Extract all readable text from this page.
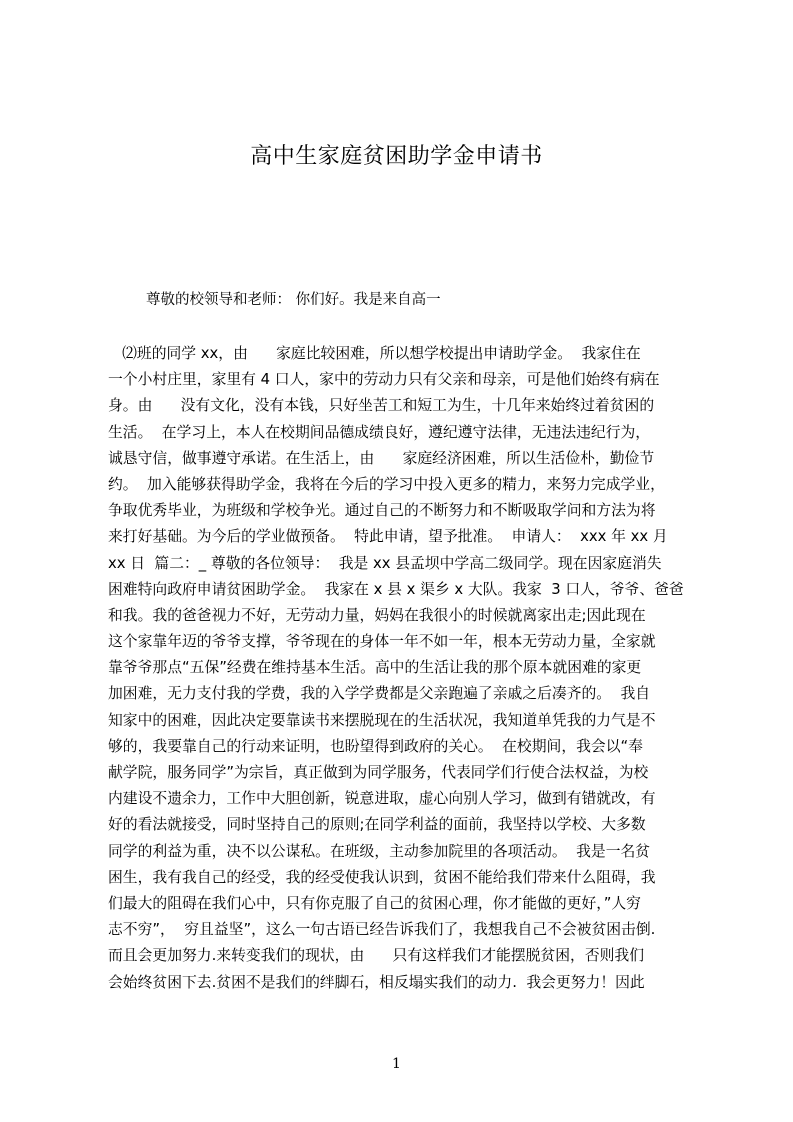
高中生家庭贫困助学金申请书
尊敬的校领导和老师： 你们好。我是来自高一
⑵班的同学 xx，由      家庭比较困难，所以想学校提出申请助学金。  我家住在
一个小村庄里，家里有 4 口人，家中的劳动力只有父亲和母亲，可是他们始终有病在
身。由      没有文化，没有本钱，只好坐苦工和短工为生，十几年来始终过着贫困的
生活。  在学习上，本人在校期间品德成绩良好，遵纪遵守法律，无违法违纪行为，
诚恳守信，做事遵守承诺。在生活上，由      家庭经济困难，所以生活俭朴，勤俭节
约。  加入能够获得助学金，我将在今后的学习中投入更多的精力，来努力完成学业，
争取优秀毕业，为班级和学校争光。通过自己的不断努力和不断吸取学问和方法为将
来打好基础。为今后的学业做预备。  特此申请，望予批准。  申请人：  xxx 年 xx 月
xx 日  篇二：_ 尊敬的各位领导：  我是 xx 县孟坝中学高二级同学。现在因家庭消失
困难特向政府申请贫困助学金。  我家在 x 县 x 渠乡 x 大队。我家  3 口人，爷爷、爸爸
和我。我的爸爸视力不好，无劳动力量，妈妈在我很小的时候就离家出走;因此现在
这个家靠年迈的爷爷支撑，爷爷现在的身体一年不如一年，根本无劳动力量，全家就
靠爷爷那点“五保”经费在维持基本生活。高中的生活让我的那个原本就困难的家更
加困难，无力支付我的学费，我的入学学费都是父亲跑遍了亲戚之后凑齐的。  我自
知家中的困难，因此决定要靠读书来摆脱现在的生活状况，我知道单凭我的力气是不
够的，我要靠自己的行动来证明，也盼望得到政府的关心。  在校期间，我会以“奉
献学院，服务同学”为宗旨，真正做到为同学服务，代表同学们行使合法权益，为校
内建设不遗余力，工作中大胆创新，锐意进取，虚心向别人学习，做到有错就改，有
好的看法就接受，同时坚持自己的原则;在同学利益的面前，我坚持以学校、大多数
同学的利益为重，决不以公谋私。在班级，主动参加院里的各项活动。  我是一名贫
困生，我有我自己的经受，我的经受使我认识到，贫困不能给我们带来什么阻碍，我
们最大的阻碍在我们心中，只有你克服了自己的贫困心理，你才能做的更好，”人穷
志不穷”，  穷且益坚”，这么一句古语已经告诉我们了，我想我自己不会被贫困击倒.
而且会更加努力.来转变我们的现状，由      只有这样我们才能摆脱贫困，否则我们
会始终贫困下去.贫困不是我们的绊脚石，相反塌实我们的动力.  我会更努力！因此
1
